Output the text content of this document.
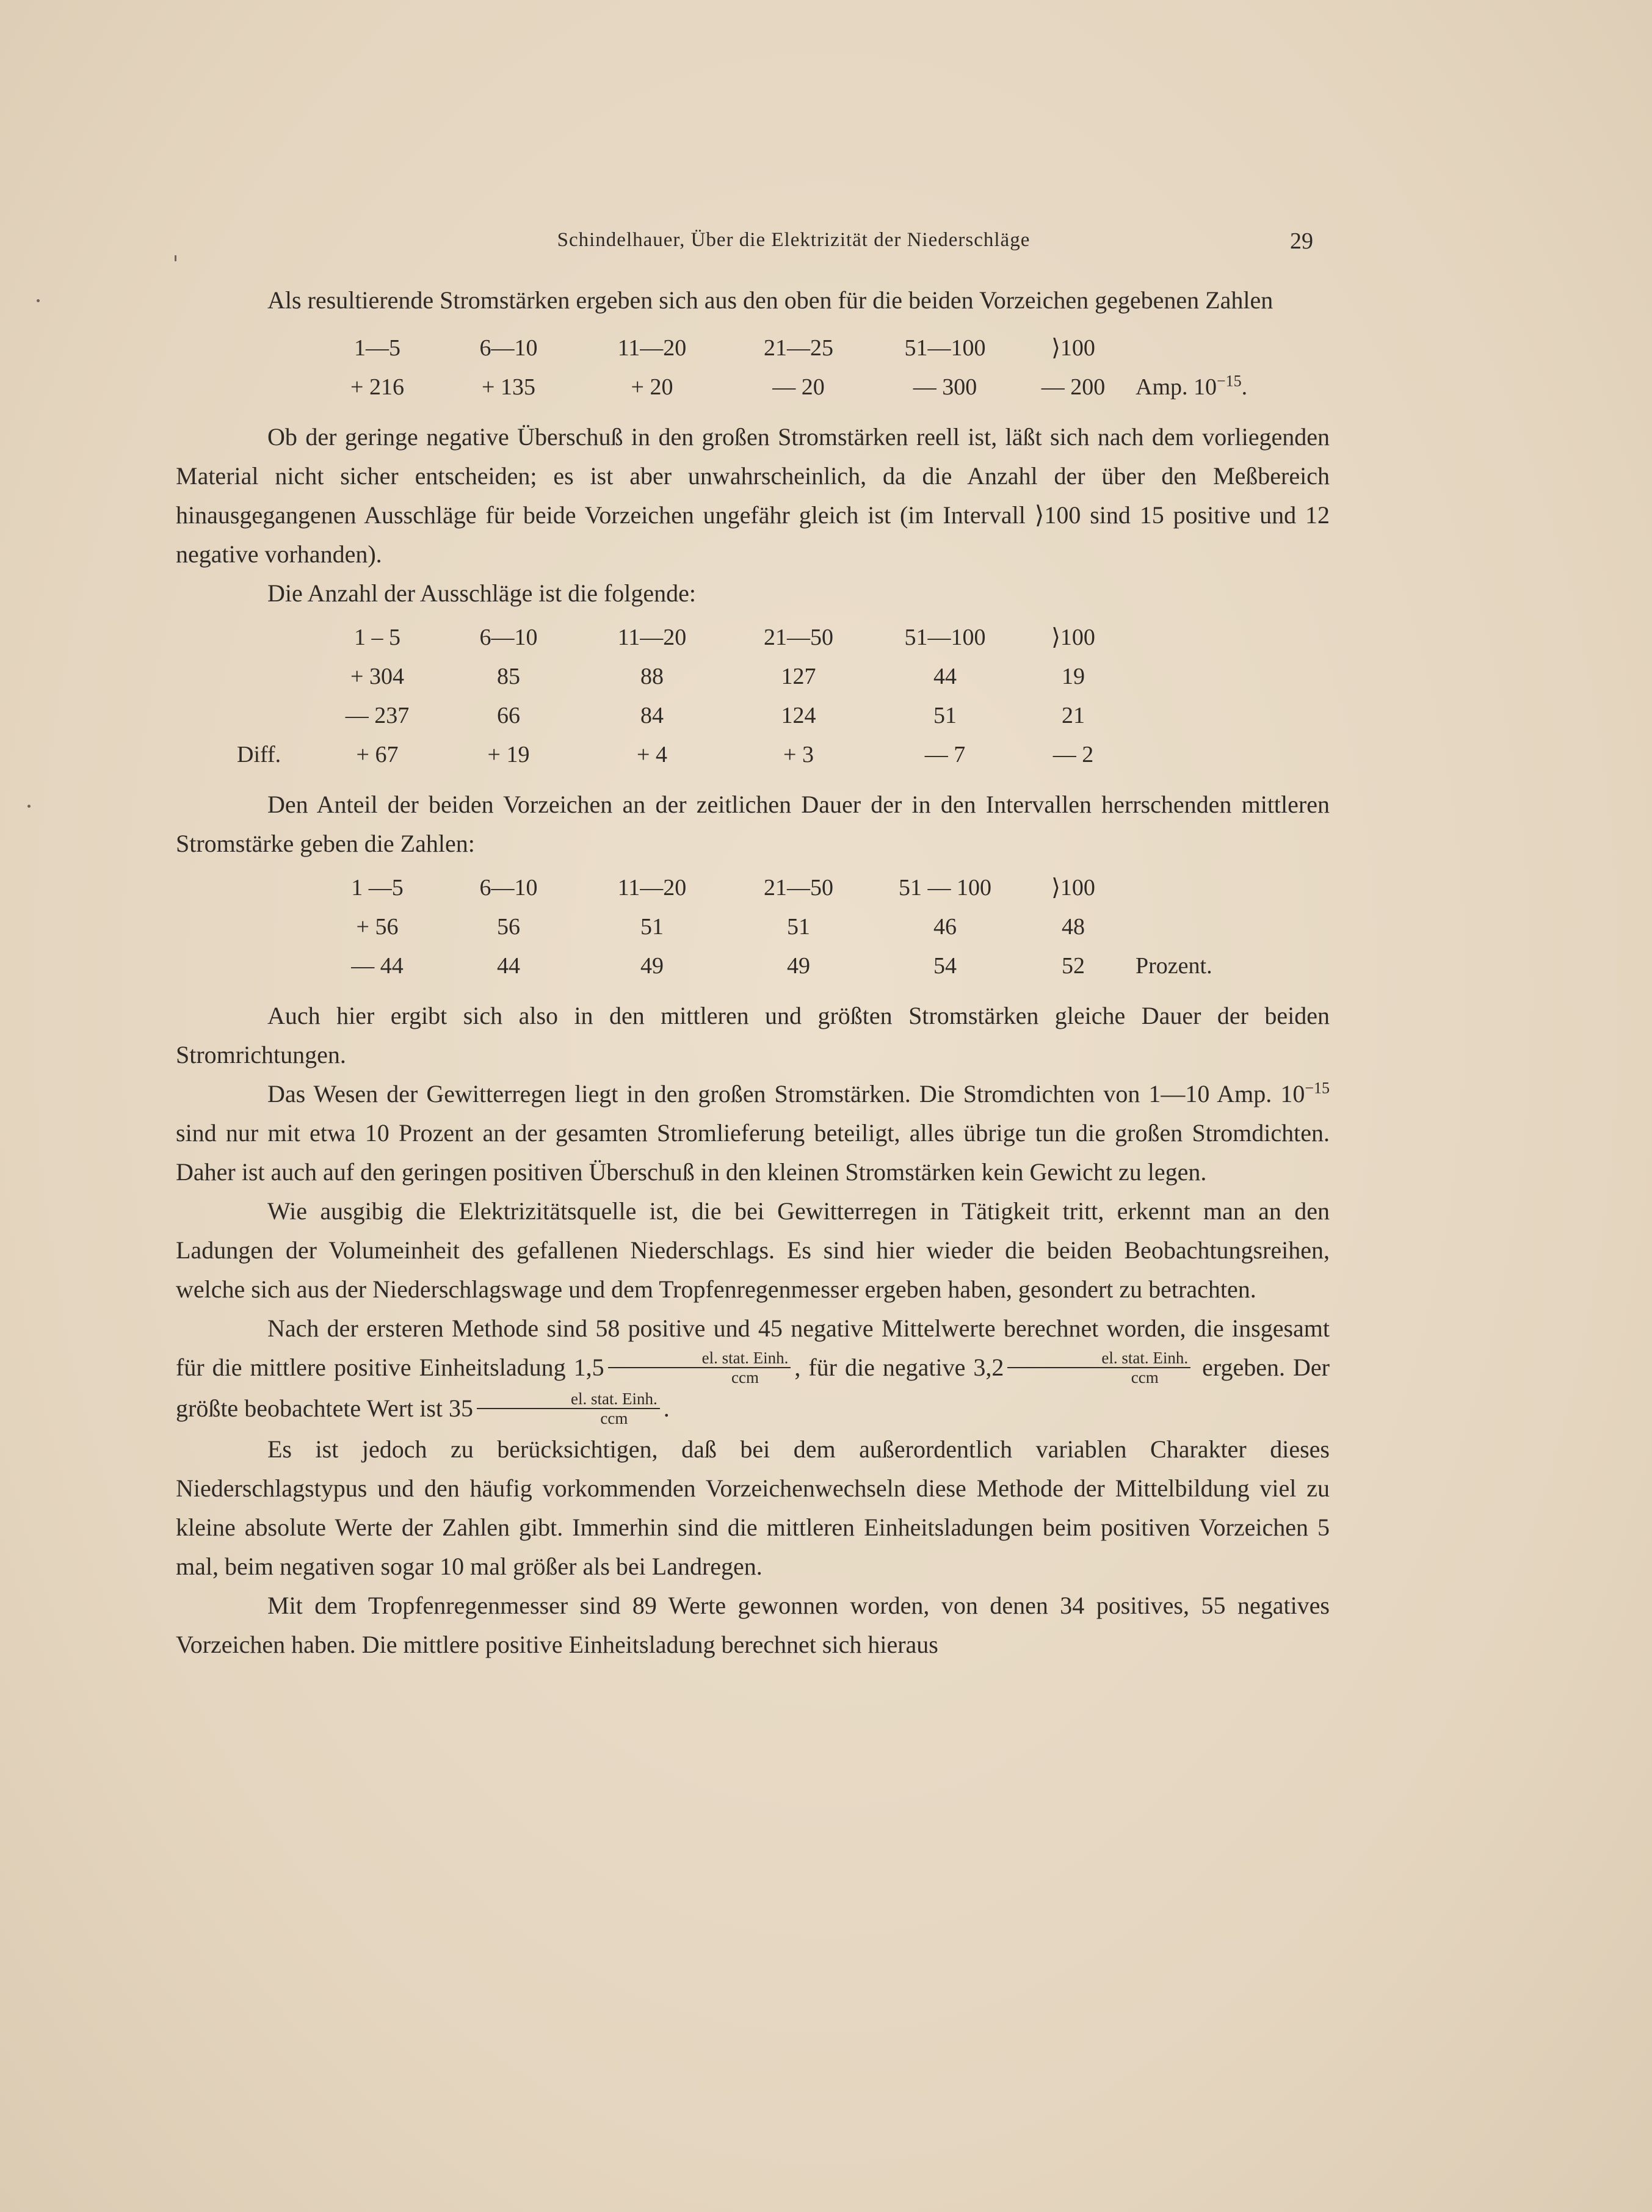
Schindelhauer, Über die Elektrizität der Niederschläge	29

Als resultierende Stromstärken ergeben sich aus den oben für die beiden Vorzeichen gegebenen Zahlen

1—5	6—10	11—20	21—25	51—100	⟩100	
+ 216	+ 135	+ 20	— 20	— 300	— 200	Amp. $10^{-15}$.

Ob der geringe negative Überschuß in den großen Stromstärken reell ist, läßt sich nach dem vorliegenden Material nicht sicher entscheiden; es ist aber unwahrscheinlich, da die Anzahl der über den Meßbereich hinausgegangenen Ausschläge für beide Vorzeichen ungefähr gleich ist (im Intervall ⟩100 sind 15 positive und 12 negative vorhanden).

Die Anzahl der Ausschläge ist die folgende:

	1 – 5	6—10	11—20	21—50	51—100	⟩100
	+ 304	85	88	127	44	19
	— 237	66	84	124	51	21
Diff.	+ 67	+ 19	+ 4	+ 3	— 7	— 2

Den Anteil der beiden Vorzeichen an der zeitlichen Dauer der in den Intervallen herrschenden mittleren Stromstärke geben die Zahlen:

1 —5	6—10	11—20	21—50	51 — 100	⟩100	
+ 56	56	51	51	46	48	
— 44	44	49	49	54	52	Prozent.

Auch hier ergibt sich also in den mittleren und größten Stromstärken gleiche Dauer der beiden Stromrichtungen.

Das Wesen der Gewitterregen liegt in den großen Stromstärken. Die Stromdichten von 1—10 Amp. $10^{-15}$ sind nur mit etwa 10 Prozent an der gesamten Stromlieferung beteiligt, alles übrige tun die großen Stromdichten. Daher ist auch auf den geringen positiven Überschuß in den kleinen Stromstärken kein Gewicht zu legen.

Wie ausgibig die Elektrizitätsquelle ist, die bei Gewitterregen in Tätigkeit tritt, erkennt man an den Ladungen der Volumeinheit des gefallenen Niederschlags. Es sind hier wieder die beiden Beobachtungsreihen, welche sich aus der Niederschlagswage und dem Tropfenregenmesser ergeben haben, gesondert zu betrachten.

Nach der ersteren Methode sind 58 positive und 45 negative Mittelwerte berechnet worden, die insgesamt für die mittlere positive Einheitsladung $1,5 \frac{\text{el. stat. Einh.}}{\text{ccm}}$ , für die negative $3,2 \frac{\text{el. stat. Einh.}}{\text{ccm}}$ ergeben. Der größte beobachtete Wert ist $35 \frac{\text{el. stat. Einh.}}{\text{ccm}}$ .

Es ist jedoch zu berücksichtigen, daß bei dem außerordentlich variablen Charakter dieses Niederschlagstypus und den häufig vorkommenden Vorzeichenwechseln diese Methode der Mittelbildung viel zu kleine absolute Werte der Zahlen gibt. Immerhin sind die mittleren Einheitsladungen beim positiven Vorzeichen 5 mal, beim negativen sogar 10 mal größer als bei Landregen.

Mit dem Tropfenregenmesser sind 89 Werte gewonnen worden, von denen 34 positives, 55 negatives Vorzeichen haben. Die mittlere positive Einheitsladung berechnet sich hieraus
